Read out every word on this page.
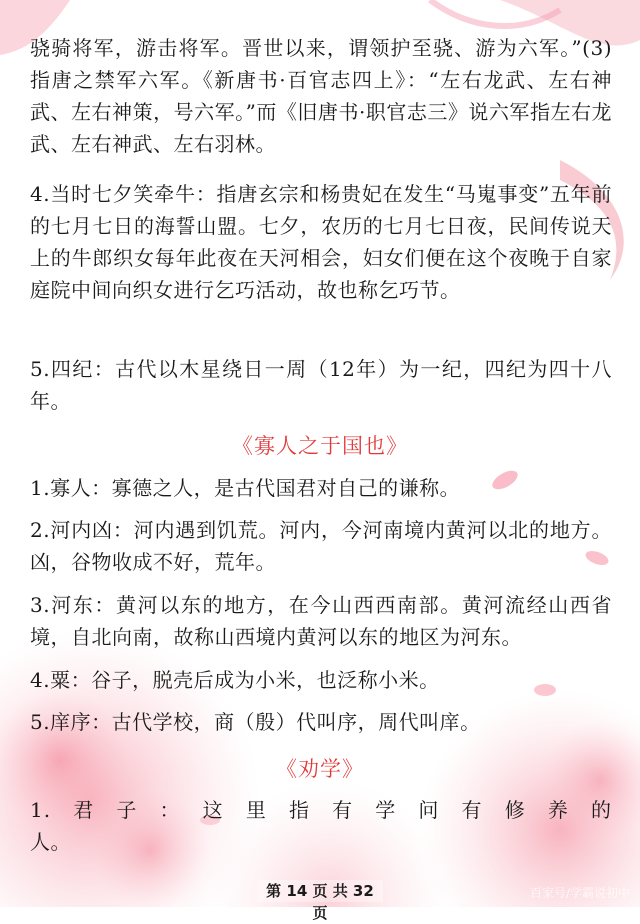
骁骑将军，游击将军。晋世以来，谓领护至骁、游为六军。”(3)指唐之禁军六军。《新唐书·百官志四上》：“左右龙武、左右神武、左右神策，号六军。”而《旧唐书·职官志三》说六军指左右龙武、左右神武、左右羽林。

4.当时七夕笑牵牛：指唐玄宗和杨贵妃在发生“马嵬事变”五年前的七月七日的海誓山盟。七夕，农历的七月七日夜，民间传说天上的牛郎织女每年此夜在天河相会，妇女们便在这个夜晚于自家庭院中间向织女进行乞巧活动，故也称乞巧节。

5.四纪：古代以木星绕日一周（12年）为一纪，四纪为四十八年。

《寡人之于国也》

1.寡人：寡德之人，是古代国君对自己的谦称。

2.河内凶：河内遇到饥荒。河内，今河南境内黄河以北的地方。凶，谷物收成不好，荒年。

3.河东：黄河以东的地方，在今山西西南部。黄河流经山西省境，自北向南，故称山西境内黄河以东的地区为河东。

4.粟：谷子，脱壳后成为小米，也泛称小米。

5.庠序：古代学校，商（殷）代叫序，周代叫庠。

《劝学》

1.君子：这里指有学问有修养的

人。

第 14 页 共 32 页
百家号/学霸说初中
